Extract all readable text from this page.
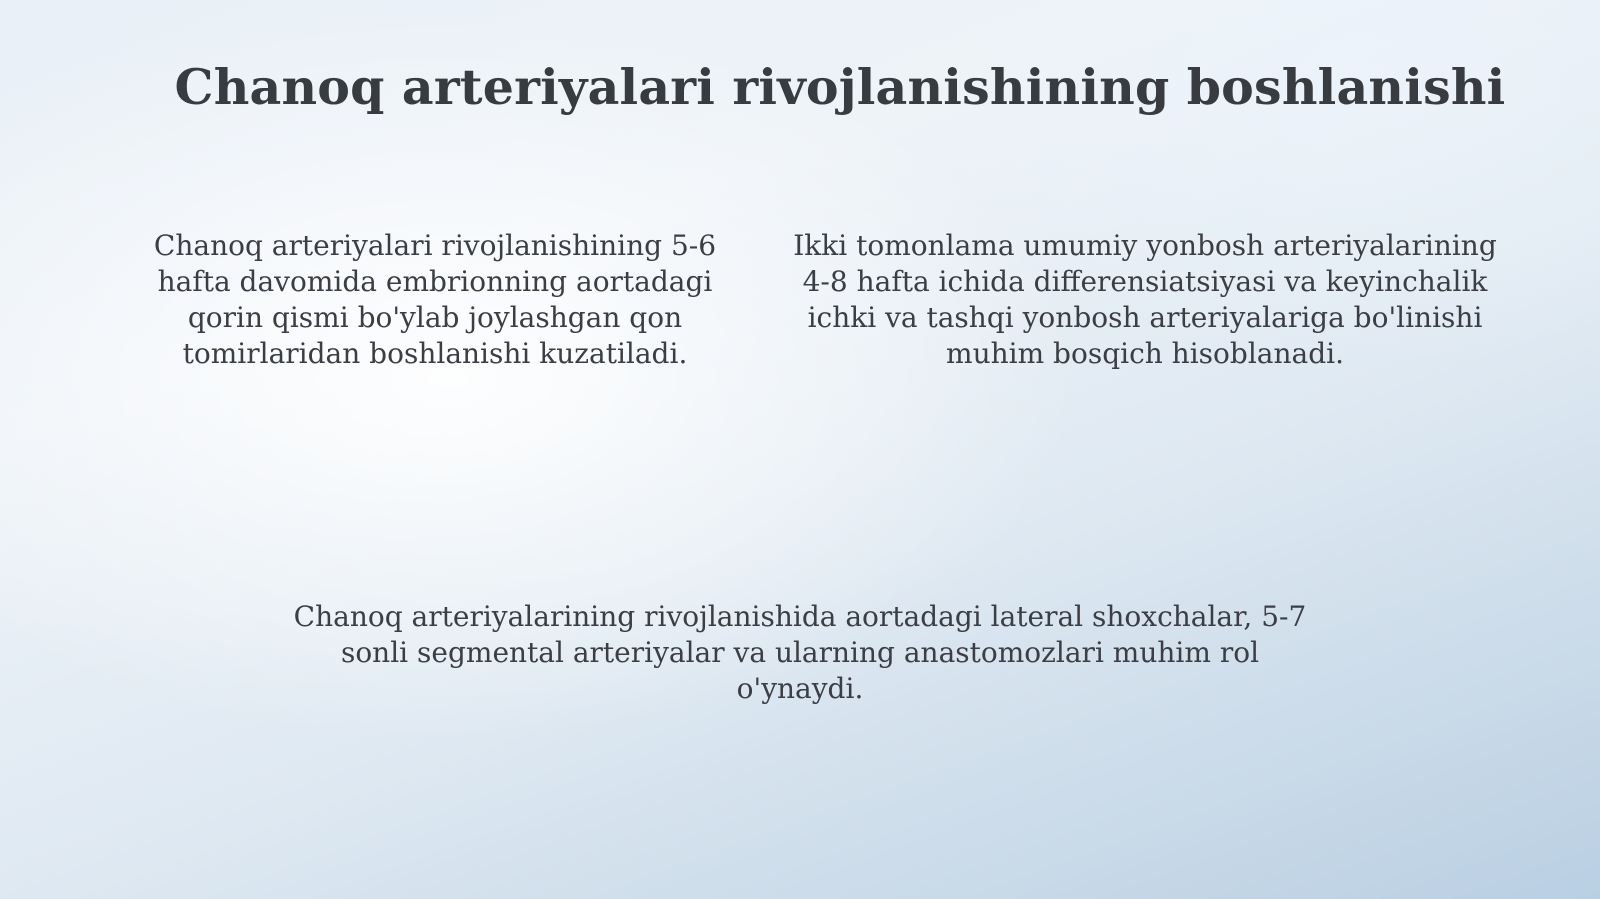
Chanoq arteriyalari rivojlanishining boshlanishi
Chanoq arteriyalari rivojlanishining 5-6 hafta davomida embrionning aortadagi qorin qismi bo'ylab joylashgan qon tomirlaridan boshlanishi kuzatiladi.
Ikki tomonlama umumiy yonbosh arteriyalarining 4-8 hafta ichida differensiatsiyasi va keyinchalik ichki va tashqi yonbosh arteriyalariga bo'linishi muhim bosqich hisoblanadi.
Chanoq arteriyalarining rivojlanishida aortadagi lateral shoxchalar, 5-7 sonli segmental arteriyalar va ularning anastomozlari muhim rol o'ynaydi.
